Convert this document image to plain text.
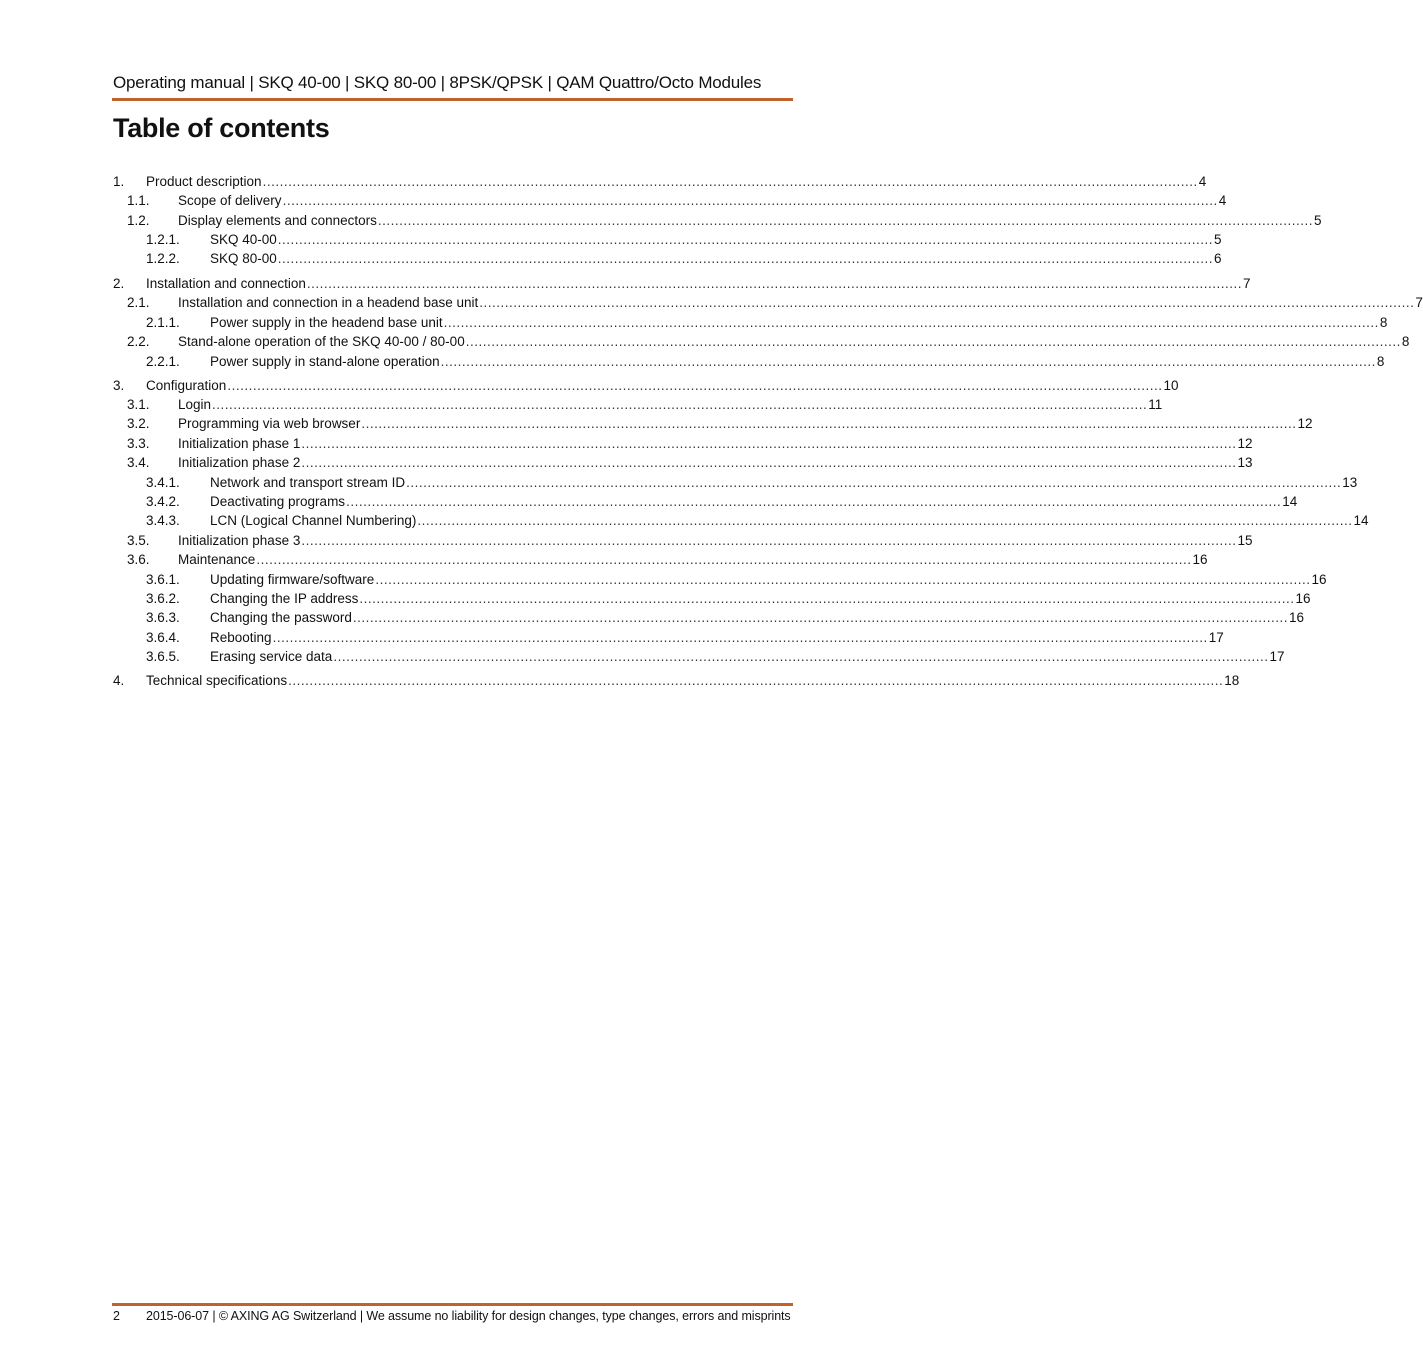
Operating manual | SKQ 40-00 | SKQ 80-00 | 8PSK/QPSK | QAM Quattro/Octo Modules
Table of contents
1. Product description ............................................................................................................................................................................................................................ 4
1.1. Scope of delivery ............................................................................................................................................................................................................................ 4
1.2. Display elements and connectors ............................................................................................................................................................................................................................ 5
1.2.1. SKQ 40-00 ............................................................................................................................................................................................................................ 5
1.2.2. SKQ 80-00 ............................................................................................................................................................................................................................ 6
2. Installation and connection ............................................................................................................................................................................................................................ 7
2.1. Installation and connection in a headend base unit ............................................................................................................................................................................................................................ 7
2.1.1. Power supply in the headend base unit ............................................................................................................................................................................................................................ 8
2.2. Stand-alone operation of the SKQ 40-00 / 80-00 ............................................................................................................................................................................................................................ 8
2.2.1. Power supply in stand-alone operation ............................................................................................................................................................................................................................ 8
3. Configuration ............................................................................................................................................................................................................................ 10
3.1. Login ............................................................................................................................................................................................................................ 11
3.2. Programming via web browser ............................................................................................................................................................................................................................ 12
3.3. Initialization phase 1 ............................................................................................................................................................................................................................ 12
3.4. Initialization phase 2 ............................................................................................................................................................................................................................ 13
3.4.1. Network and transport stream ID ............................................................................................................................................................................................................................ 13
3.4.2. Deactivating programs ............................................................................................................................................................................................................................ 14
3.4.3. LCN (Logical Channel Numbering) ............................................................................................................................................................................................................................ 14
3.5. Initialization phase 3 ............................................................................................................................................................................................................................ 15
3.6. Maintenance ............................................................................................................................................................................................................................ 16
3.6.1. Updating firmware/software ............................................................................................................................................................................................................................ 16
3.6.2. Changing the IP address ............................................................................................................................................................................................................................ 16
3.6.3. Changing the password ............................................................................................................................................................................................................................ 16
3.6.4. Rebooting ............................................................................................................................................................................................................................ 17
3.6.5. Erasing service data ............................................................................................................................................................................................................................ 17
4. Technical specifications ............................................................................................................................................................................................................................ 18
2 2015-06-07 | © AXING AG Switzerland | We assume no liability for design changes, type changes, errors and misprints
